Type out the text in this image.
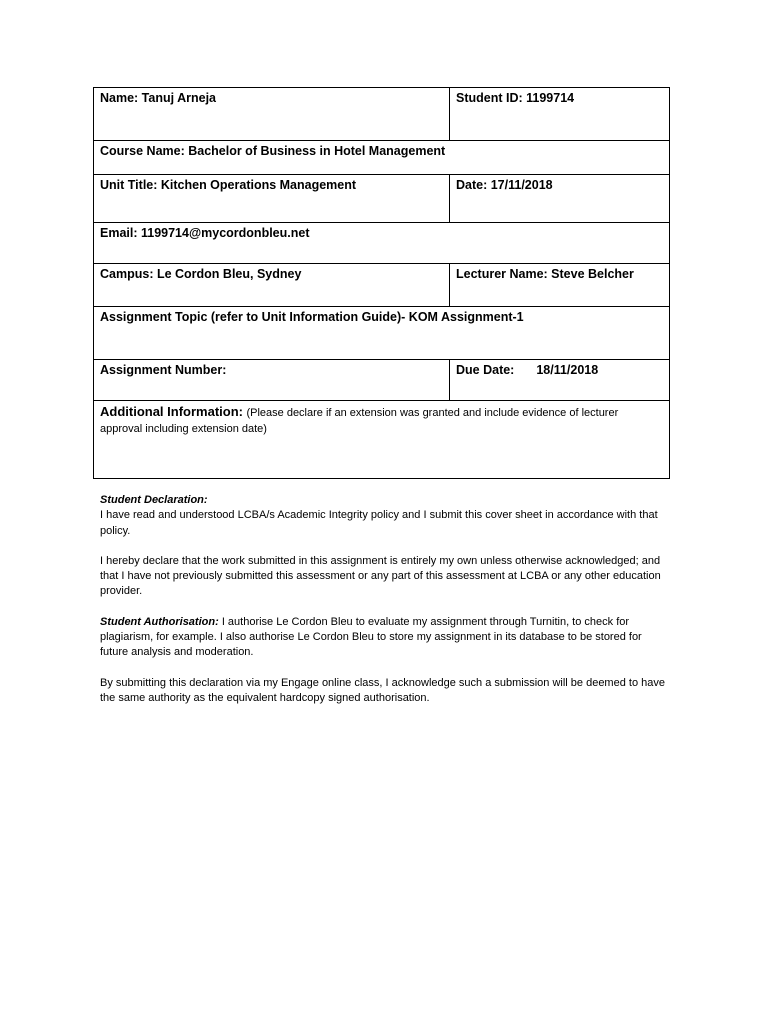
Name: Tanuj Arneja	Student ID: 1199714
Course Name: Bachelor of Business in Hotel Management	
Unit Title: Kitchen Operations Management	Date: 17/11/2018
Email: 1199714@mycordonbleu.net	
Campus: Le Cordon Bleu, Sydney	Lecturer Name: Steve Belcher
Assignment Topic (refer to Unit Information Guide)- KOM Assignment-1	
Assignment Number:	Due Date: 18/11/2018
Additional Information: (Please declare if an extension was granted and include evidence of lecturer approval including extension date)	

Student Declaration:

I have read and understood LCBA/s Academic Integrity policy and I submit this cover sheet in accordance with that policy.

I hereby declare that the work submitted in this assignment is entirely my own unless otherwise acknowledged; and that I have not previously submitted this assessment or any part of this assessment at LCBA or any other education provider.

Student Authorisation: I authorise Le Cordon Bleu to evaluate my assignment through Turnitin, to check for plagiarism, for example. I also authorise Le Cordon Bleu to store my assignment in its database to be stored for future analysis and moderation.

By submitting this declaration via my Engage online class, I acknowledge such a submission will be deemed to have the same authority as the equivalent hardcopy signed authorisation.
